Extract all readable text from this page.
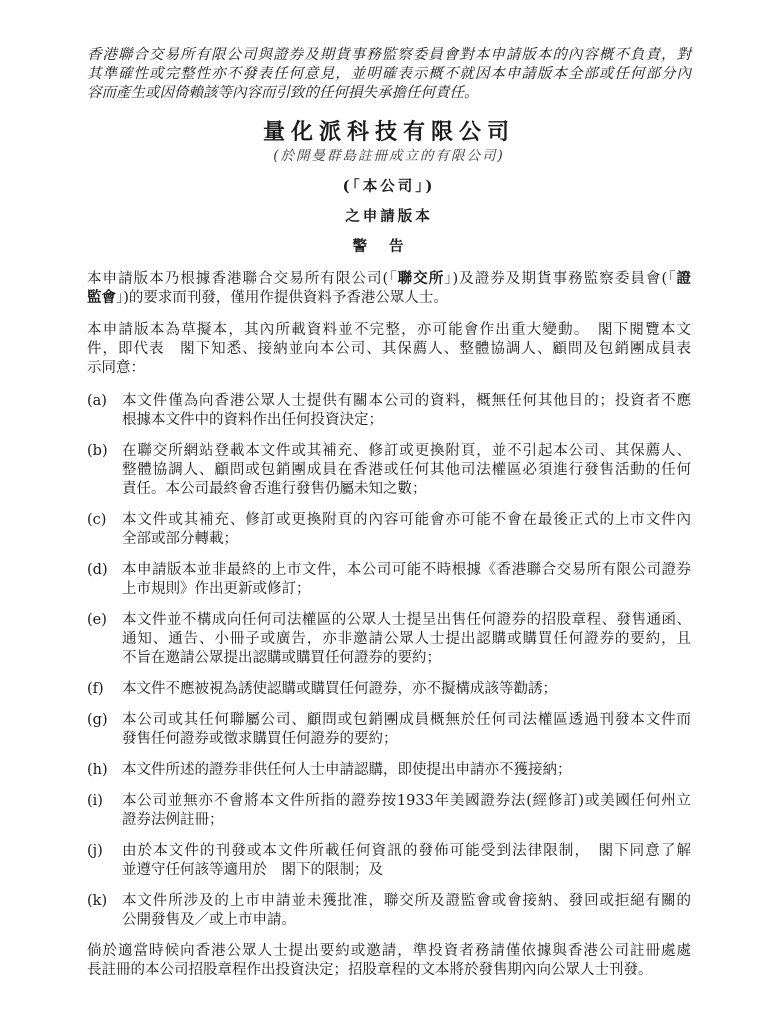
香港聯合交易所有限公司與證券及期貨事務監察委員會對本申請版本的內容概不負責，對
其準確性或完整性亦不發表任何意見，並明確表示概不就因本申請版本全部或任何部分內
容而產生或因倚賴該等內容而引致的任何損失承擔任何責任。
量化派科技有限公司
(於開曼群島註冊成立的有限公司)
(「本公司」)
之申請版本
警告
本申請版本乃根據香港聯合交易所有限公司(「聯交所」)及證券及期貨事務監察委員會(「證
監會」)的要求而刊發，僅用作提供資料予香港公眾人士。
本申請版本為草擬本，其內所載資料並不完整，亦可能會作出重大變動。　閣下閱覽本文
件，即代表　閣下知悉、接納並向本公司、其保薦人、整體協調人、顧問及包銷團成員表
示同意：
(a)	本文件僅為向香港公眾人士提供有關本公司的資料，概無任何其他目的；投資者不應
根據本文件中的資料作出任何投資決定；
(b) 在聯交所網站登載本文件或其補充、修訂或更換附頁，並不引起本公司、其保薦人、
整體協調人、顧問或包銷團成員在香港或任何其他司法權區必須進行發售活動的任何
責任。本公司最終會否進行發售仍屬未知之數；
(c)	本文件或其補充、修訂或更換附頁的內容可能會亦可能不會在最後正式的上市文件內
全部或部分轉載；
(d) 本申請版本並非最終的上市文件，本公司可能不時根據《香港聯合交易所有限公司證券
上市規則》作出更新或修訂；
(e)	本文件並不構成向任何司法權區的公眾人士提呈出售任何證券的招股章程、發售通函、
通知、通告、小冊子或廣告，亦非邀請公眾人士提出認購或購買任何證券的要約，且
不旨在邀請公眾提出認購或購買任何證券的要約；
(f)	本文件不應被視為誘使認購或購買任何證券，亦不擬構成該等勸誘；
(g) 本公司或其任何聯屬公司、顧問或包銷團成員概無於任何司法權區透過刊發本文件而
發售任何證券或徵求購買任何證券的要約；
(h) 本文件所述的證券非供任何人士申請認購，即使提出申請亦不獲接納；
(i)	本公司並無亦不會將本文件所指的證券按1933年美國證券法(經修訂)或美國任何州立
證券法例註冊；
(j)	由於本文件的刊發或本文件所載任何資訊的發佈可能受到法律限制，　閣下同意了解
並遵守任何該等適用於　閣下的限制；及
(k)	本文件所涉及的上市申請並未獲批准，聯交所及證監會或會接納、發回或拒絕有關的
公開發售及／或上市申請。
倘於適當時候向香港公眾人士提出要約或邀請，準投資者務請僅依據與香港公司註冊處處
長註冊的本公司招股章程作出投資決定；招股章程的文本將於發售期內向公眾人士刊發。
